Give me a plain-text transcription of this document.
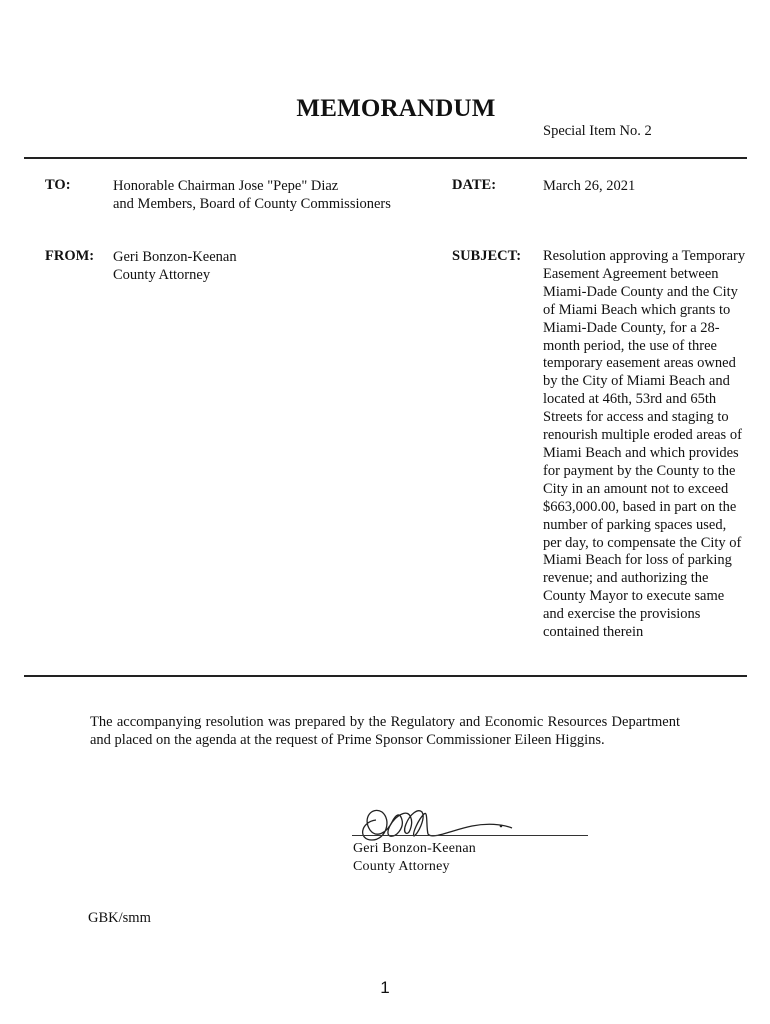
MEMORANDUM
Special Item No. 2
TO:	Honorable Chairman Jose "Pepe" Diaz
and Members, Board of County Commissioners
DATE:	March 26, 2021
FROM: Geri Bonzon-Keenan
County Attorney
SUBJECT: Resolution approving a Temporary Easement Agreement between Miami-Dade County and the City of Miami Beach which grants to Miami-Dade County, for a 28- month period, the use of three temporary easement areas owned by the City of Miami Beach and located at 46th, 53rd and 65th Streets for access and staging to renourish multiple eroded areas of Miami Beach and which provides for payment by the County to the City in an amount not to exceed $663,000.00, based in part on the number of parking spaces used, per day, to compensate the City of Miami Beach for loss of parking revenue; and authorizing the County Mayor to execute same and exercise the provisions contained therein
The accompanying resolution was prepared by the Regulatory and Economic Resources Department and placed on the agenda at the request of Prime Sponsor Commissioner Eileen Higgins.
Geri Bonzon-Keenan
County Attorney
GBK/smm
1
